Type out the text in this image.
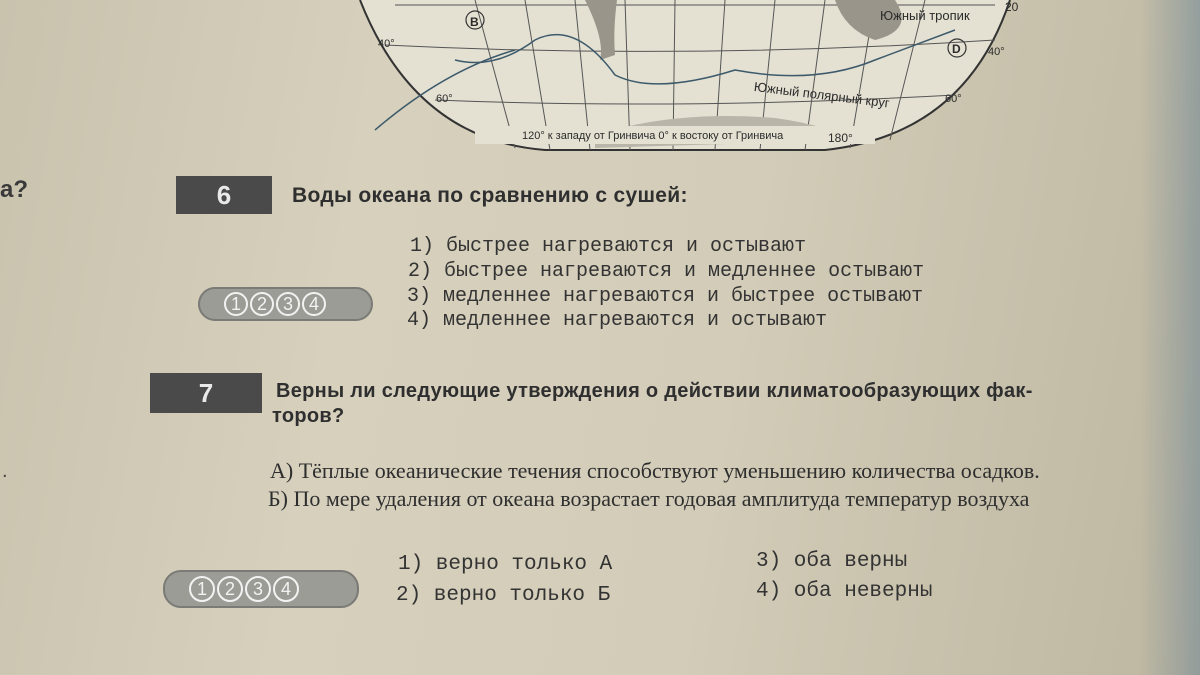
B
D
Южный тропик
20
40°
40°
60°	60°
Южный полярный круг
120° к западу от Гринвича 0° к востоку от Гринвича	180°
а?
.
6	Воды океана по сравнению с сушей:
1) быстрее нагреваются и остывают
2) быстрее нагреваются и медленнее остывают
3) медленнее нагреваются и быстрее остывают
4) медленнее нагреваются и остывают
1 2 3 4
7	Верны ли следующие утверждения о действии климатообразующих фак-
торов?
А) Тёплые океанические течения способствуют уменьшению количества осадков.
Б) По мере удаления от океана возрастает годовая амплитуда температур воздуха
1) верно только А
2) верно только Б
3) оба верны
4) оба неверны
1 2 3 4
